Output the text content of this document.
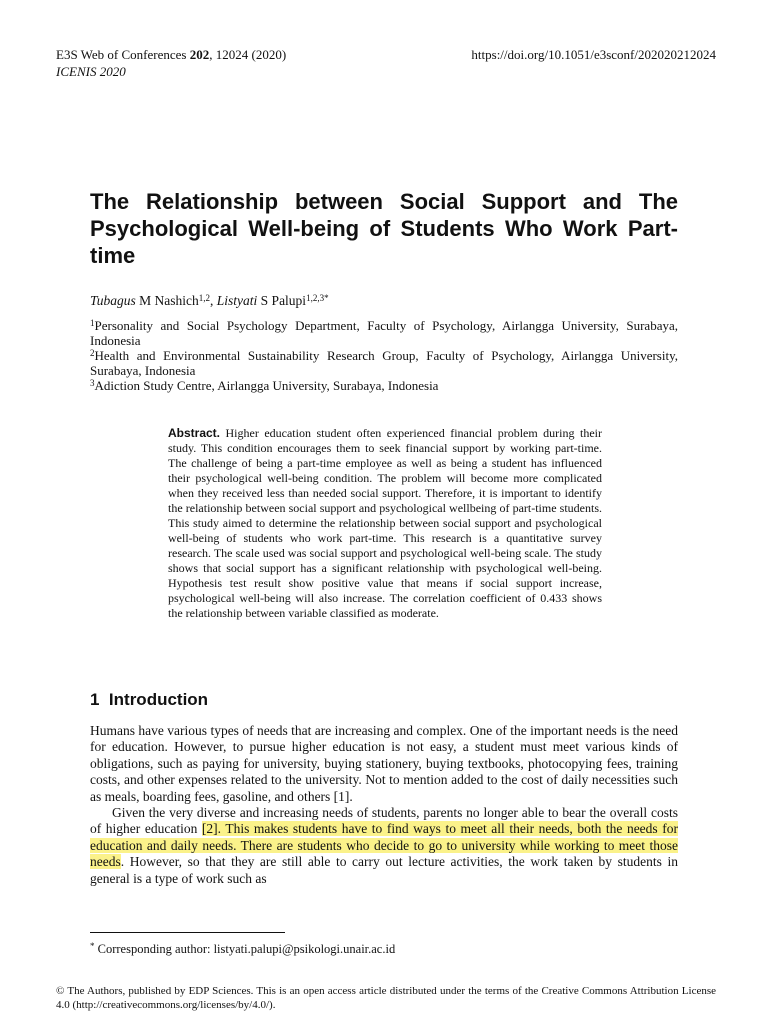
E3S Web of Conferences 202, 12024 (2020)	https://doi.org/10.1051/e3sconf/202020212024
ICENIS 2020
The Relationship between Social Support and The Psychological Well-being of Students Who Work Part-time
Tubagus M Nashich$^{1,2}$, Listyati S Palupi$^{1,2,3*}$
$^1$Personality and Social Psychology Department, Faculty of Psychology, Airlangga University, Surabaya, Indonesia
$^2$Health and Environmental Sustainability Research Group, Faculty of Psychology, Airlangga University, Surabaya, Indonesia
$^3$Adiction Study Centre, Airlangga University, Surabaya, Indonesia
Abstract. Higher education student often experienced financial problem during their study. This condition encourages them to seek financial support by working part-time. The challenge of being a part-time employee as well as being a student has influenced their psychological well-being condition. The problem will become more complicated when they received less than needed social support. Therefore, it is important to identify the relationship between social support and psychological wellbeing of part-time students. This study aimed to determine the relationship between social support and psychological well-being of students who work part-time. This research is a quantitative survey research. The scale used was social support and psychological well-being scale. The study shows that social support has a significant relationship with psychological well-being. Hypothesis test result show positive value that means if social support increase, psychological well-being will also increase. The correlation coefficient of 0.433 shows the relationship between variable classified as moderate.
1 Introduction

Humans have various types of needs that are increasing and complex. One of the important needs is the need for education. However, to pursue higher education is not easy, a student must meet various kinds of obligations, such as paying for university, buying stationery, buying textbooks, photocopying fees, training costs, and other expenses related to the university. Not to mention added to the cost of daily necessities such as meals, boarding fees, gasoline, and others [1].

Given the very diverse and increasing needs of students, parents no longer able to bear the overall costs of higher education [2]. This makes students have to find ways to meet all their needs, both the needs for education and daily needs. There are students who decide to go to university while working to meet those needs. However, so that they are still able to carry out lecture activities, the work taken by students in general is a type of work such as

* Corresponding author: listyati.palupi@psikologi.unair.ac.id
© The Authors, published by EDP Sciences. This is an open access article distributed under the terms of the Creative Commons Attribution License 4.0 (http://creativecommons.org/licenses/by/4.0/).
